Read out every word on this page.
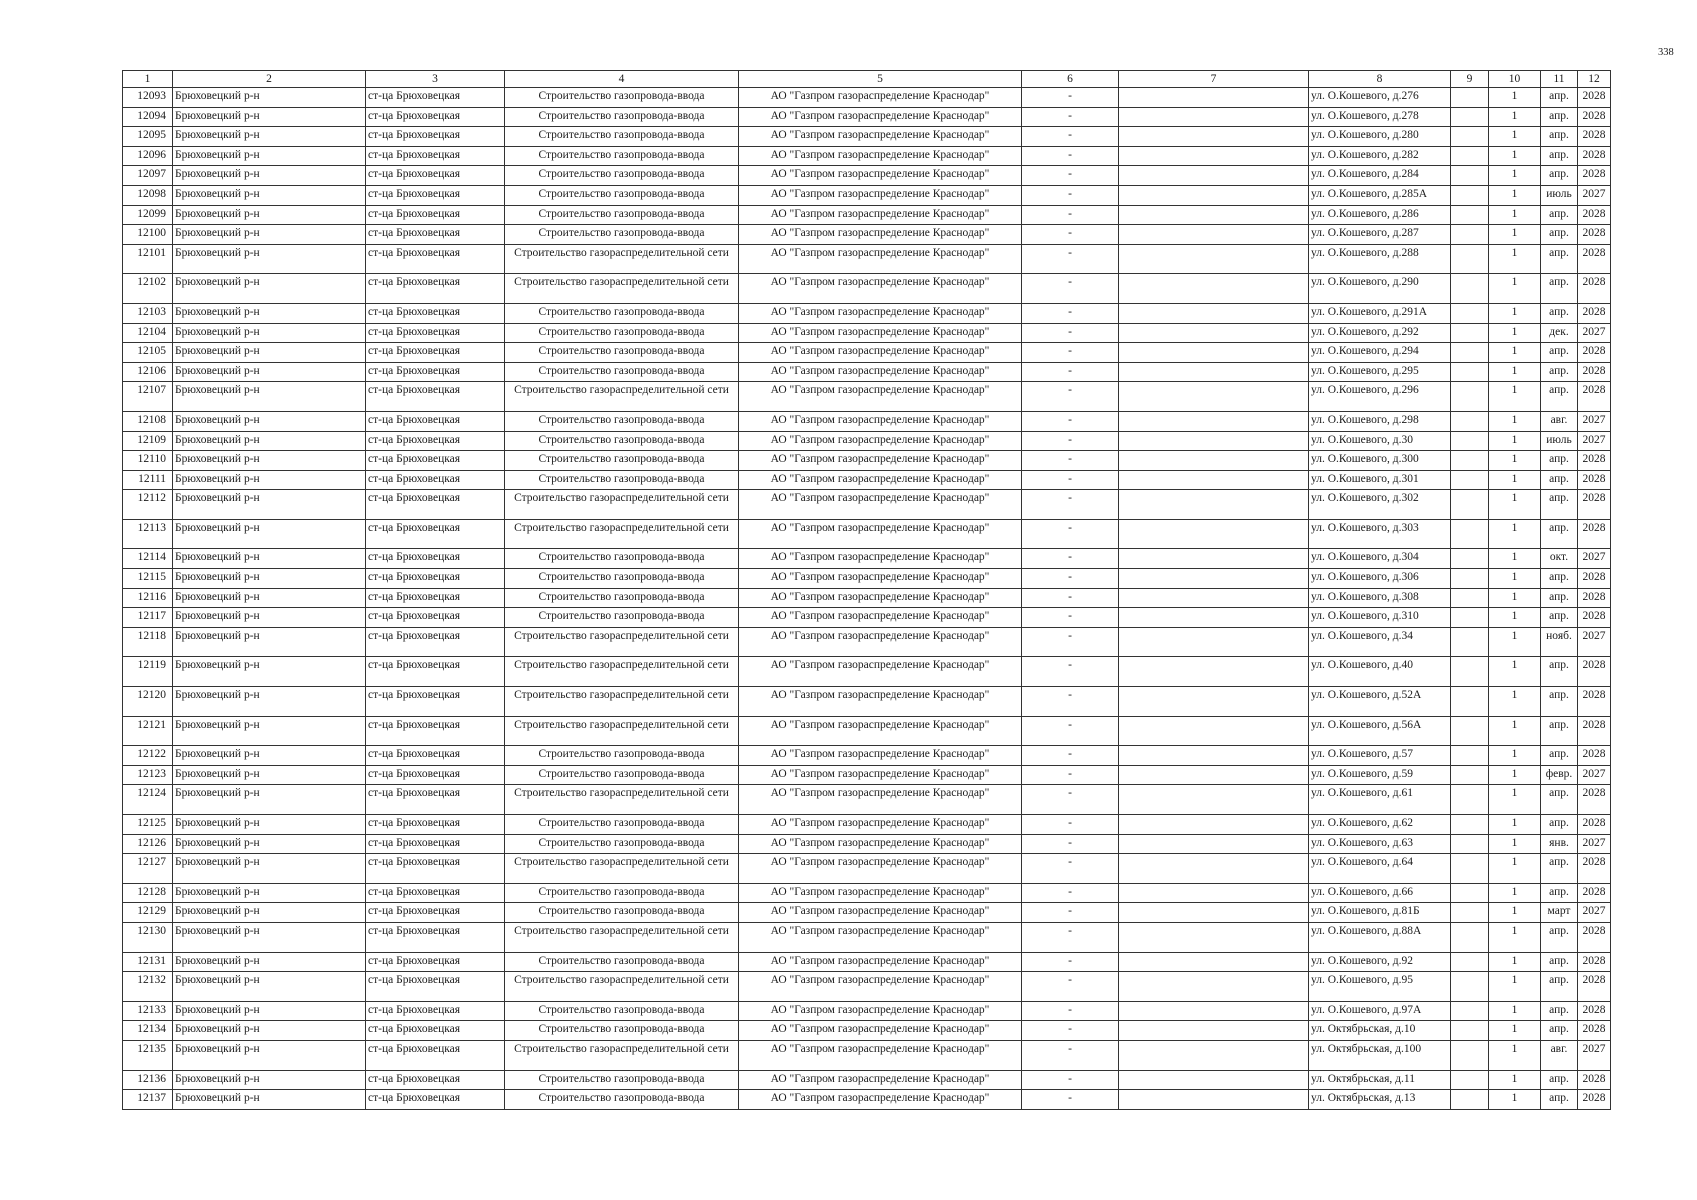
338
1	2	3	4	5	6	7	8	9	10	11	12
12093	Брюховецкий р-н	ст-ца Брюховецкая	Строительство газопровода-ввода	АО "Газпром газораспределение Краснодар"	-		ул. О.Кошевого, д.276		1	апр.	2028
12094	Брюховецкий р-н	ст-ца Брюховецкая	Строительство газопровода-ввода	АО "Газпром газораспределение Краснодар"	-		ул. О.Кошевого, д.278		1	апр.	2028
12095	Брюховецкий р-н	ст-ца Брюховецкая	Строительство газопровода-ввода	АО "Газпром газораспределение Краснодар"	-		ул. О.Кошевого, д.280		1	апр.	2028
12096	Брюховецкий р-н	ст-ца Брюховецкая	Строительство газопровода-ввода	АО "Газпром газораспределение Краснодар"	-		ул. О.Кошевого, д.282		1	апр.	2028
12097	Брюховецкий р-н	ст-ца Брюховецкая	Строительство газопровода-ввода	АО "Газпром газораспределение Краснодар"	-		ул. О.Кошевого, д.284		1	апр.	2028
12098	Брюховецкий р-н	ст-ца Брюховецкая	Строительство газопровода-ввода	АО "Газпром газораспределение Краснодар"	-		ул. О.Кошевого, д.285А		1	июль	2027
12099	Брюховецкий р-н	ст-ца Брюховецкая	Строительство газопровода-ввода	АО "Газпром газораспределение Краснодар"	-		ул. О.Кошевого, д.286		1	апр.	2028
12100	Брюховецкий р-н	ст-ца Брюховецкая	Строительство газопровода-ввода	АО "Газпром газораспределение Краснодар"	-		ул. О.Кошевого, д.287		1	апр.	2028
12101	Брюховецкий р-н	ст-ца Брюховецкая	Строительство газораспределительной сети	АО "Газпром газораспределение Краснодар"	-		ул. О.Кошевого, д.288		1	апр.	2028
12102	Брюховецкий р-н	ст-ца Брюховецкая	Строительство газораспределительной сети	АО "Газпром газораспределение Краснодар"	-		ул. О.Кошевого, д.290		1	апр.	2028
12103	Брюховецкий р-н	ст-ца Брюховецкая	Строительство газопровода-ввода	АО "Газпром газораспределение Краснодар"	-		ул. О.Кошевого, д.291А		1	апр.	2028
12104	Брюховецкий р-н	ст-ца Брюховецкая	Строительство газопровода-ввода	АО "Газпром газораспределение Краснодар"	-		ул. О.Кошевого, д.292		1	дек.	2027
12105	Брюховецкий р-н	ст-ца Брюховецкая	Строительство газопровода-ввода	АО "Газпром газораспределение Краснодар"	-		ул. О.Кошевого, д.294		1	апр.	2028
12106	Брюховецкий р-н	ст-ца Брюховецкая	Строительство газопровода-ввода	АО "Газпром газораспределение Краснодар"	-		ул. О.Кошевого, д.295		1	апр.	2028
12107	Брюховецкий р-н	ст-ца Брюховецкая	Строительство газораспределительной сети	АО "Газпром газораспределение Краснодар"	-		ул. О.Кошевого, д.296		1	апр.	2028
12108	Брюховецкий р-н	ст-ца Брюховецкая	Строительство газопровода-ввода	АО "Газпром газораспределение Краснодар"	-		ул. О.Кошевого, д.298		1	авг.	2027
12109	Брюховецкий р-н	ст-ца Брюховецкая	Строительство газопровода-ввода	АО "Газпром газораспределение Краснодар"	-		ул. О.Кошевого, д.30		1	июль	2027
12110	Брюховецкий р-н	ст-ца Брюховецкая	Строительство газопровода-ввода	АО "Газпром газораспределение Краснодар"	-		ул. О.Кошевого, д.300		1	апр.	2028
12111	Брюховецкий р-н	ст-ца Брюховецкая	Строительство газопровода-ввода	АО "Газпром газораспределение Краснодар"	-		ул. О.Кошевого, д.301		1	апр.	2028
12112	Брюховецкий р-н	ст-ца Брюховецкая	Строительство газораспределительной сети	АО "Газпром газораспределение Краснодар"	-		ул. О.Кошевого, д.302		1	апр.	2028
12113	Брюховецкий р-н	ст-ца Брюховецкая	Строительство газораспределительной сети	АО "Газпром газораспределение Краснодар"	-		ул. О.Кошевого, д.303		1	апр.	2028
12114	Брюховецкий р-н	ст-ца Брюховецкая	Строительство газопровода-ввода	АО "Газпром газораспределение Краснодар"	-		ул. О.Кошевого, д.304		1	окт.	2027
12115	Брюховецкий р-н	ст-ца Брюховецкая	Строительство газопровода-ввода	АО "Газпром газораспределение Краснодар"	-		ул. О.Кошевого, д.306		1	апр.	2028
12116	Брюховецкий р-н	ст-ца Брюховецкая	Строительство газопровода-ввода	АО "Газпром газораспределение Краснодар"	-		ул. О.Кошевого, д.308		1	апр.	2028
12117	Брюховецкий р-н	ст-ца Брюховецкая	Строительство газопровода-ввода	АО "Газпром газораспределение Краснодар"	-		ул. О.Кошевого, д.310		1	апр.	2028
12118	Брюховецкий р-н	ст-ца Брюховецкая	Строительство газораспределительной сети	АО "Газпром газораспределение Краснодар"	-		ул. О.Кошевого, д.34		1	нояб.	2027
12119	Брюховецкий р-н	ст-ца Брюховецкая	Строительство газораспределительной сети	АО "Газпром газораспределение Краснодар"	-		ул. О.Кошевого, д.40		1	апр.	2028
12120	Брюховецкий р-н	ст-ца Брюховецкая	Строительство газораспределительной сети	АО "Газпром газораспределение Краснодар"	-		ул. О.Кошевого, д.52А		1	апр.	2028
12121	Брюховецкий р-н	ст-ца Брюховецкая	Строительство газораспределительной сети	АО "Газпром газораспределение Краснодар"	-		ул. О.Кошевого, д.56А		1	апр.	2028
12122	Брюховецкий р-н	ст-ца Брюховецкая	Строительство газопровода-ввода	АО "Газпром газораспределение Краснодар"	-		ул. О.Кошевого, д.57		1	апр.	2028
12123	Брюховецкий р-н	ст-ца Брюховецкая	Строительство газопровода-ввода	АО "Газпром газораспределение Краснодар"	-		ул. О.Кошевого, д.59		1	февр.	2027
12124	Брюховецкий р-н	ст-ца Брюховецкая	Строительство газораспределительной сети	АО "Газпром газораспределение Краснодар"	-		ул. О.Кошевого, д.61		1	апр.	2028
12125	Брюховецкий р-н	ст-ца Брюховецкая	Строительство газопровода-ввода	АО "Газпром газораспределение Краснодар"	-		ул. О.Кошевого, д.62		1	апр.	2028
12126	Брюховецкий р-н	ст-ца Брюховецкая	Строительство газопровода-ввода	АО "Газпром газораспределение Краснодар"	-		ул. О.Кошевого, д.63		1	янв.	2027
12127	Брюховецкий р-н	ст-ца Брюховецкая	Строительство газораспределительной сети	АО "Газпром газораспределение Краснодар"	-		ул. О.Кошевого, д.64		1	апр.	2028
12128	Брюховецкий р-н	ст-ца Брюховецкая	Строительство газопровода-ввода	АО "Газпром газораспределение Краснодар"	-		ул. О.Кошевого, д.66		1	апр.	2028
12129	Брюховецкий р-н	ст-ца Брюховецкая	Строительство газопровода-ввода	АО "Газпром газораспределение Краснодар"	-		ул. О.Кошевого, д.81Б		1	март	2027
12130	Брюховецкий р-н	ст-ца Брюховецкая	Строительство газораспределительной сети	АО "Газпром газораспределение Краснодар"	-		ул. О.Кошевого, д.88А		1	апр.	2028
12131	Брюховецкий р-н	ст-ца Брюховецкая	Строительство газопровода-ввода	АО "Газпром газораспределение Краснодар"	-		ул. О.Кошевого, д.92		1	апр.	2028
12132	Брюховецкий р-н	ст-ца Брюховецкая	Строительство газораспределительной сети	АО "Газпром газораспределение Краснодар"	-		ул. О.Кошевого, д.95		1	апр.	2028
12133	Брюховецкий р-н	ст-ца Брюховецкая	Строительство газопровода-ввода	АО "Газпром газораспределение Краснодар"	-		ул. О.Кошевого, д.97А		1	апр.	2028
12134	Брюховецкий р-н	ст-ца Брюховецкая	Строительство газопровода-ввода	АО "Газпром газораспределение Краснодар"	-		ул. Октябрьская, д.10		1	апр.	2028
12135	Брюховецкий р-н	ст-ца Брюховецкая	Строительство газораспределительной сети	АО "Газпром газораспределение Краснодар"	-		ул. Октябрьская, д.100		1	авг.	2027
12136	Брюховецкий р-н	ст-ца Брюховецкая	Строительство газопровода-ввода	АО "Газпром газораспределение Краснодар"	-		ул. Октябрьская, д.11		1	апр.	2028
12137	Брюховецкий р-н	ст-ца Брюховецкая	Строительство газопровода-ввода	АО "Газпром газораспределение Краснодар"	-		ул. Октябрьская, д.13		1	апр.	2028
